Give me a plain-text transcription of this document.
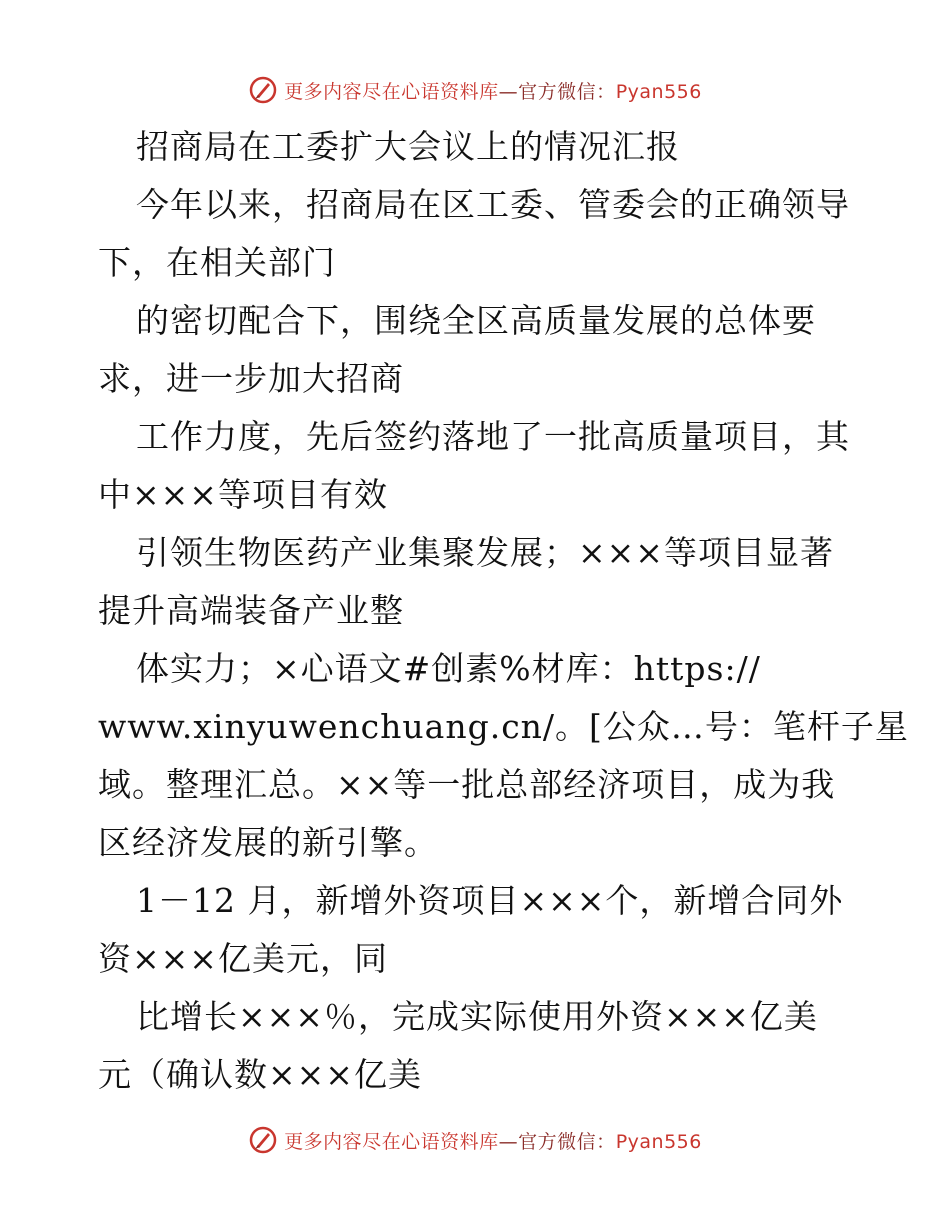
更多内容尽在心语资料库—官方微信：Pyan556
招商局在工委扩大会议上的情况汇报
今年以来，招商局在区工委、管委会的正确领导
下，在相关部门
的密切配合下，围绕全区高质量发展的总体要
求，进一步加大招商
工作力度，先后签约落地了一批高质量项目，其
中×××等项目有效
引领生物医药产业集聚发展；×××等项目显著
提升高端装备产业整
体实力；×心语文#创素%材库：https://
www.xinyuwenchuang.cn/。[公众…号：笔杆子星
域。整理汇总。××等一批总部经济项目，成为我
区经济发展的新引擎。
1－12 月，新增外资项目×××个，新增合同外
资×××亿美元，同
比增长×××％，完成实际使用外资×××亿美
元（确认数×××亿美
更多内容尽在心语资料库—官方微信：Pyan556
